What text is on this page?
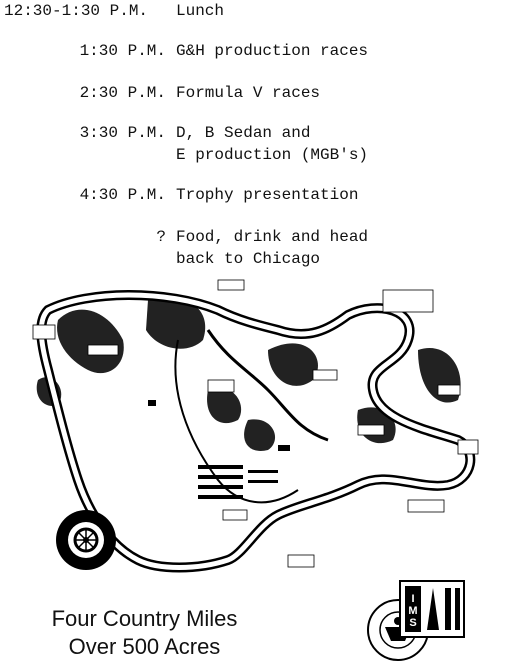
12:30-1:30 P.M. Lunch
1:30 P.M. G&H production races
2:30 P.M. Formula V races
3:30 P.M. D, B Sedan and
E production (MGB's)
4:30 P.M. Trophy presentation
? Food, drink and head
back to Chicago
I
M
S
Four Country Miles
Over 500 Acres
